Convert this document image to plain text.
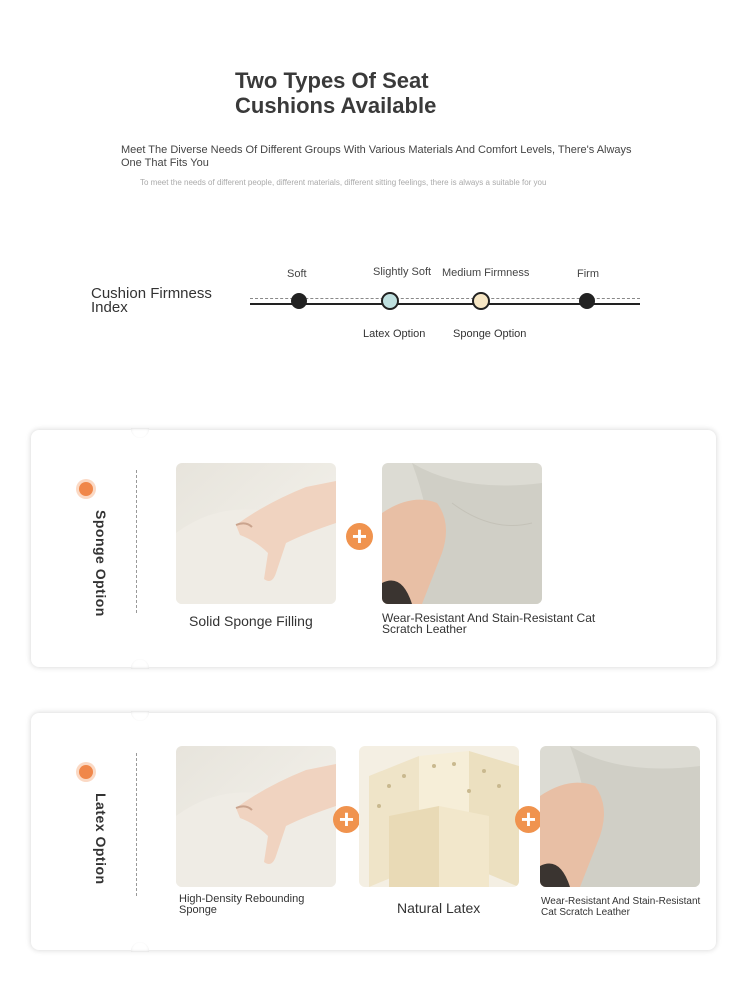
Two Types Of Seat Cushions Available
Meet The Diverse Needs Of Different Groups With Various Materials And Comfort Levels, There's Always One That Fits You
To meet the needs of different people, different materials, different sitting feelings, there is always a suitable for you
Cushion Firmness Index
Soft	Slightly Soft Medium Firmness	Firm
Latex Option	Sponge Option
Sponge Option	+
Solid Sponge Filling	Wear-Resistant And Stain-Resistant Cat Scratch Leather
Latex Option	+	+
High-Density Rebounding Sponge	Natural Latex	Wear-Resistant And Stain-Resistant Cat Scratch Leather
